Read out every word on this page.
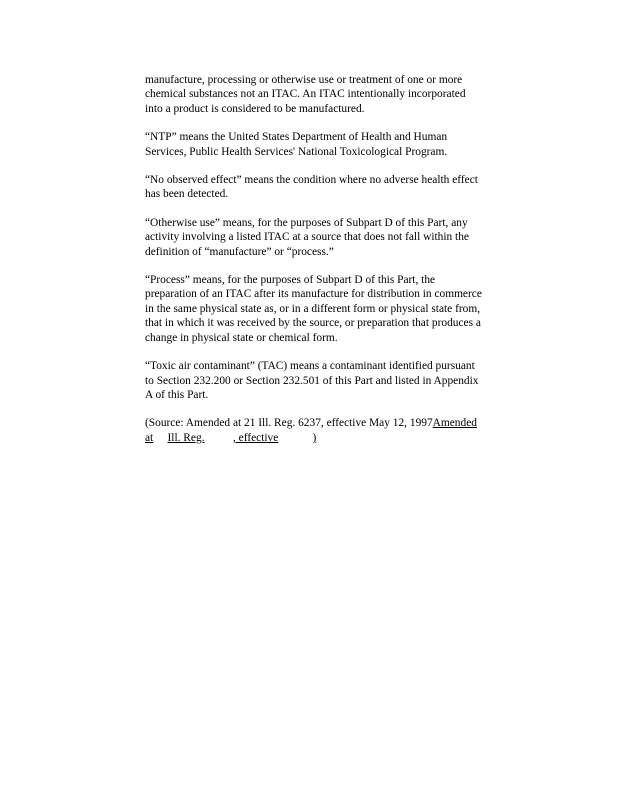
manufacture, processing or otherwise use or treatment of one or more
chemical substances not an ITAC. An ITAC intentionally incorporated
into a product is considered to be manufactured.

“NTP” means the United States Department of Health and Human
Services, Public Health Services' National Toxicological Program.

“No observed effect” means the condition where no adverse health effect
has been detected.

“Otherwise use” means, for the purposes of Subpart D of this Part, any
activity involving a listed ITAC at a source that does not fall within the
definition of “manufacture” or “process.”

“Process” means, for the purposes of Subpart D of this Part, the
preparation of an ITAC after its manufacture for distribution in commerce
in the same physical state as, or in a different form or physical state from,
that in which it was received by the source, or preparation that produces a
change in physical state or chemical form.

“Toxic air contaminant” (TAC) means a contaminant identified pursuant
to Section 232.200 or Section 232.501 of this Part and listed in Appendix
A of this Part.

(Source: Amended at 21 Ill. Reg. 6237, effective May 12, 1997Amended
at Ill. Reg. , effective	)
